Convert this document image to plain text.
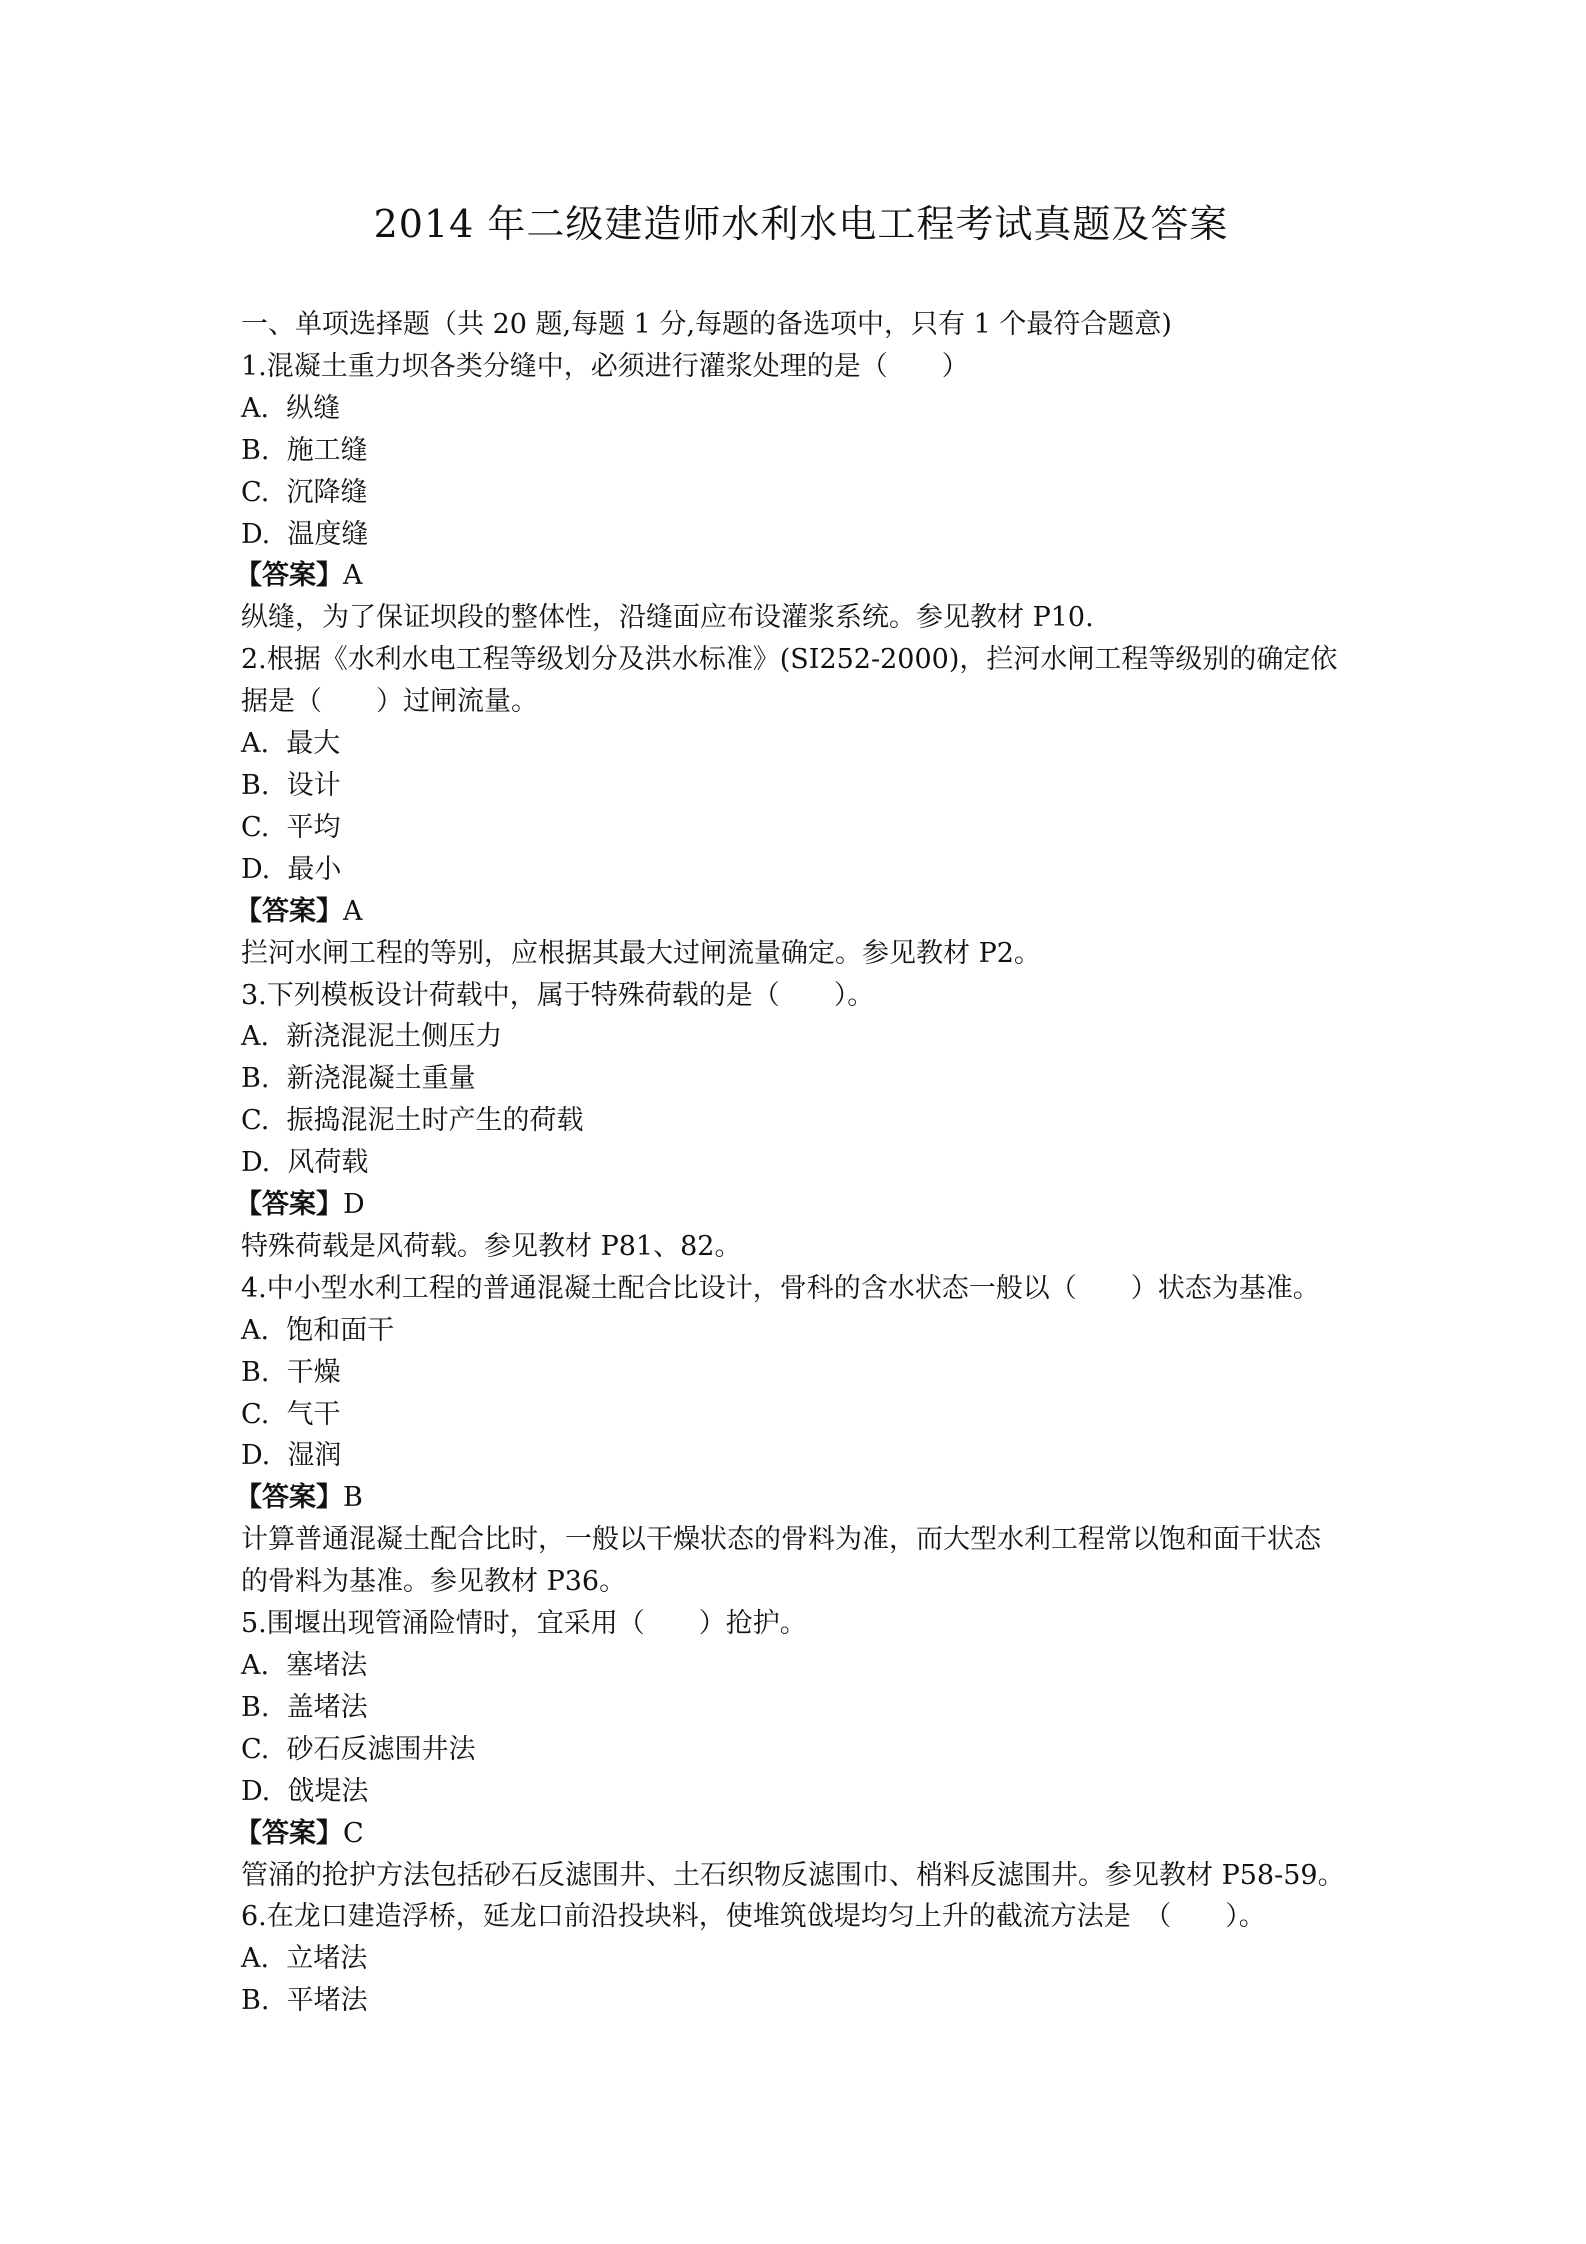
2014 年二级建造师水利水电工程考试真题及答案

一、单项选择题（共 20 题,每题 1 分,每题的备选项中，只有 1 个最符合题意)

1.混凝土重力坝各类分缝中，必须进行灌浆处理的是（　　）

A.  纵缝

B.  施工缝

C.  沉降缝

D.  温度缝

【答案】A

纵缝，为了保证坝段的整体性，沿缝面应布设灌浆系统。参见教材 P10.

2.根据《水利水电工程等级划分及洪水标准》(SI252-2000)，拦河水闸工程等级别的确定依

据是（　　）过闸流量。

A.  最大

B.  设计

C.  平均

D.  最小

【答案】A

拦河水闸工程的等别，应根据其最大过闸流量确定。参见教材 P2。

3.下列模板设计荷载中，属于特殊荷载的是（　　）。

A.  新浇混泥土侧压力

B.  新浇混凝土重量

C.  振捣混泥土时产生的荷载

D.  风荷载

【答案】D

特殊荷载是风荷载。参见教材 P81、82。

4.中小型水利工程的普通混凝土配合比设计，骨科的含水状态一般以（　　）状态为基准。

A.  饱和面干

B.  干燥

C.  气干

D.  湿润

【答案】B

计算普通混凝土配合比时，一般以干燥状态的骨料为准，而大型水利工程常以饱和面干状态

的骨料为基准。参见教材 P36。

5.围堰出现管涌险情时，宜采用（　　）抢护。

A.  塞堵法

B.  盖堵法

C.  砂石反滤围井法

D.  戗堤法

【答案】C

管涌的抢护方法包括砂石反滤围井、土石织物反滤围巾、梢料反滤围井。参见教材 P58-59。

6.在龙口建造浮桥，延龙口前沿投块料，使堆筑戗堤均匀上升的截流方法是　（　　）。

A.  立堵法

B.  平堵法
